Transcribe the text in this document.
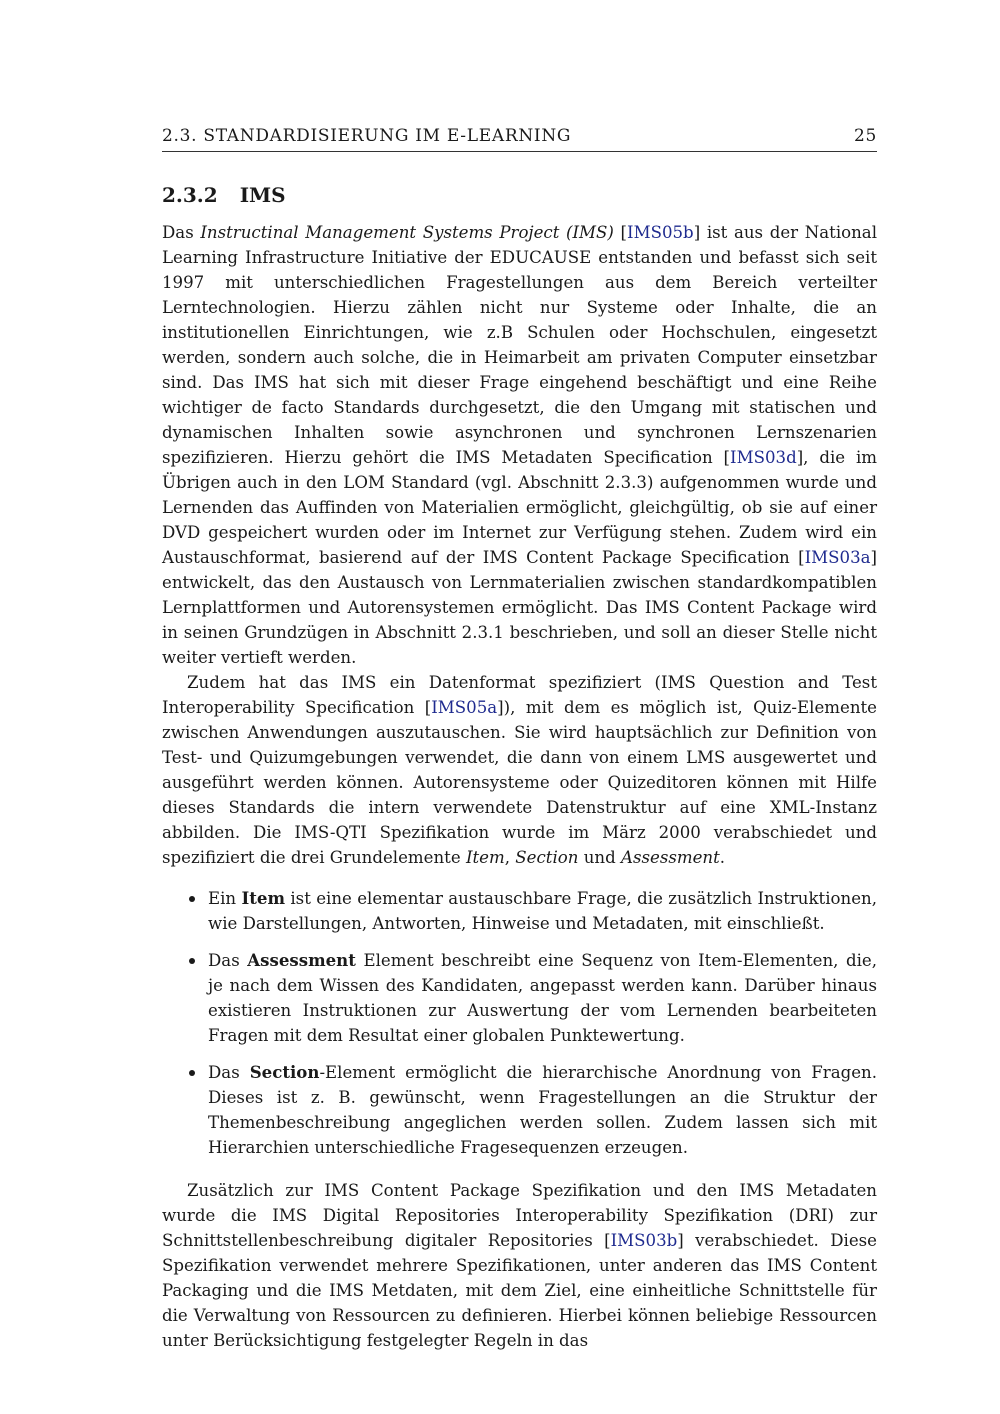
2.3. STANDARDISIERUNG IM E-LEARNING	25
2.3.2 IMS

Das Instructinal Management Systems Project (IMS) [IMS05b] ist aus der National Learning Infrastructure Initiative der EDUCAUSE entstanden und befasst sich seit 1997 mit unterschiedlichen Fragestellungen aus dem Bereich verteilter Lerntechnologien. Hierzu zählen nicht nur Systeme oder Inhalte, die an institutionellen Einrichtungen, wie z.B Schulen oder Hochschulen, eingesetzt werden, sondern auch solche, die in Heimarbeit am privaten Computer einsetzbar sind. Das IMS hat sich mit dieser Frage eingehend beschäftigt und eine Reihe wichtiger de facto Standards durchgesetzt, die den Umgang mit statischen und dynamischen Inhalten sowie asynchronen und synchronen Lernszenarien spezifizieren. Hierzu gehört die IMS Metadaten Specification [IMS03d], die im Übrigen auch in den LOM Standard (vgl. Abschnitt 2.3.3) aufgenommen wurde und Lernenden das Auffinden von Materialien ermöglicht, gleichgültig, ob sie auf einer DVD gespeichert wurden oder im Internet zur Verfügung stehen. Zudem wird ein Austauschformat, basierend auf der IMS Content Package Specification [IMS03a] entwickelt, das den Austausch von Lernmaterialien zwischen standardkompatiblen Lernplattformen und Autorensystemen ermöglicht. Das IMS Content Package wird in seinen Grundzügen in Abschnitt 2.3.1 beschrieben, und soll an dieser Stelle nicht weiter vertieft werden.

Zudem hat das IMS ein Datenformat spezifiziert (IMS Question and Test Interoperability Specification [IMS05a]), mit dem es möglich ist, Quiz-Elemente zwischen Anwendungen auszutauschen. Sie wird hauptsächlich zur Definition von Test- und Quizumgebungen verwendet, die dann von einem LMS ausgewertet und ausgeführt werden können. Autorensysteme oder Quizeditoren können mit Hilfe dieses Standards die intern verwendete Datenstruktur auf eine XML-Instanz abbilden. Die IMS-QTI Spezifikation wurde im März 2000 verabschiedet und spezifiziert die drei Grundelemente Item, Section und Assessment.

Ein Item ist eine elementar austauschbare Frage, die zusätzlich Instruktionen, wie Darstellungen, Antworten, Hinweise und Metadaten, mit einschließt.
Das Assessment Element beschreibt eine Sequenz von Item-Elementen, die, je nach dem Wissen des Kandidaten, angepasst werden kann. Darüber hinaus existieren Instruktionen zur Auswertung der vom Lernenden bearbeiteten Fragen mit dem Resultat einer globalen Punktewertung.
Das Section-Element ermöglicht die hierarchische Anordnung von Fragen. Dieses ist z. B. gewünscht, wenn Fragestellungen an die Struktur der Themenbeschreibung angeglichen werden sollen. Zudem lassen sich mit Hierarchien unterschiedliche Fragesequenzen erzeugen.

Zusätzlich zur IMS Content Package Spezifikation und den IMS Metadaten wurde die IMS Digital Repositories Interoperability Spezifikation (DRI) zur Schnittstellenbeschreibung digitaler Repositories [IMS03b] verabschiedet. Diese Spezifikation verwendet mehrere Spezifikationen, unter anderen das IMS Content Packaging und die IMS Metdaten, mit dem Ziel, eine einheitliche Schnittstelle für die Verwaltung von Ressourcen zu definieren. Hierbei können beliebige Ressourcen unter Berücksichtigung festgelegter Regeln in das
